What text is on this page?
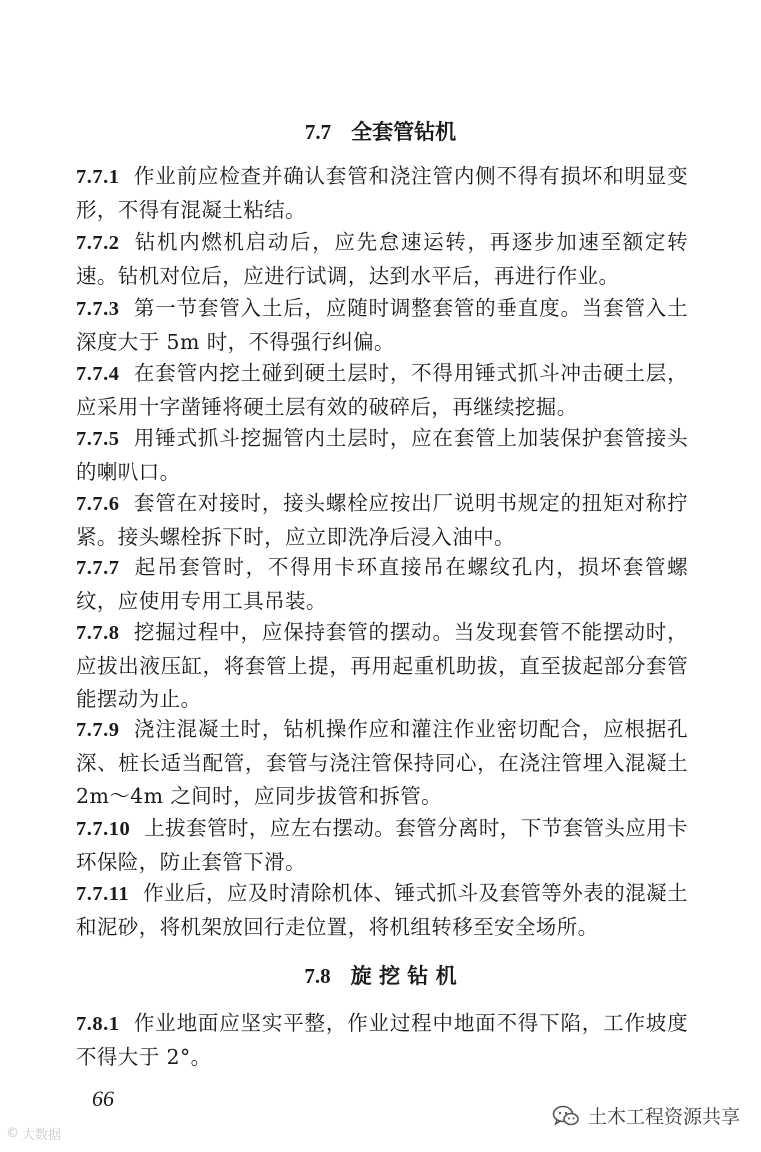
7.7 全套管钻机
7.7.1 作业前应检查并确认套管和浇注管内侧不得有损坏和明显变形，不得有混凝土粘结。
7.7.2 钻机内燃机启动后，应先怠速运转，再逐步加速至额定转速。钻机对位后，应进行试调，达到水平后，再进行作业。
7.7.3 第一节套管入土后，应随时调整套管的垂直度。当套管入土深度大于 5m 时，不得强行纠偏。
7.7.4 在套管内挖土碰到硬土层时，不得用锤式抓斗冲击硬土层，应采用十字凿锤将硬土层有效的破碎后，再继续挖掘。
7.7.5 用锤式抓斗挖掘管内土层时，应在套管上加装保护套管接头的喇叭口。
7.7.6 套管在对接时，接头螺栓应按出厂说明书规定的扭矩对称拧紧。接头螺栓拆下时，应立即洗净后浸入油中。
7.7.7 起吊套管时，不得用卡环直接吊在螺纹孔内，损坏套管螺纹，应使用专用工具吊装。
7.7.8 挖掘过程中，应保持套管的摆动。当发现套管不能摆动时，应拔出液压缸，将套管上提，再用起重机助拔，直至拔起部分套管能摆动为止。
7.7.9 浇注混凝土时，钻机操作应和灌注作业密切配合，应根据孔深、桩长适当配管，套管与浇注管保持同心，在浇注管埋入混凝土 2m～4m 之间时，应同步拔管和拆管。
7.7.10 上拔套管时，应左右摆动。套管分离时，下节套管头应用卡环保险，防止套管下滑。
7.7.11 作业后，应及时清除机体、锤式抓斗及套管等外表的混凝土和泥砂，将机架放回行走位置，将机组转移至安全场所。
7.8 旋 挖 钻 机
7.8.1 作业地面应坚实平整，作业过程中地面不得下陷，工作坡度不得大于 2°。
66
© 大数据
土木工程资源共享
